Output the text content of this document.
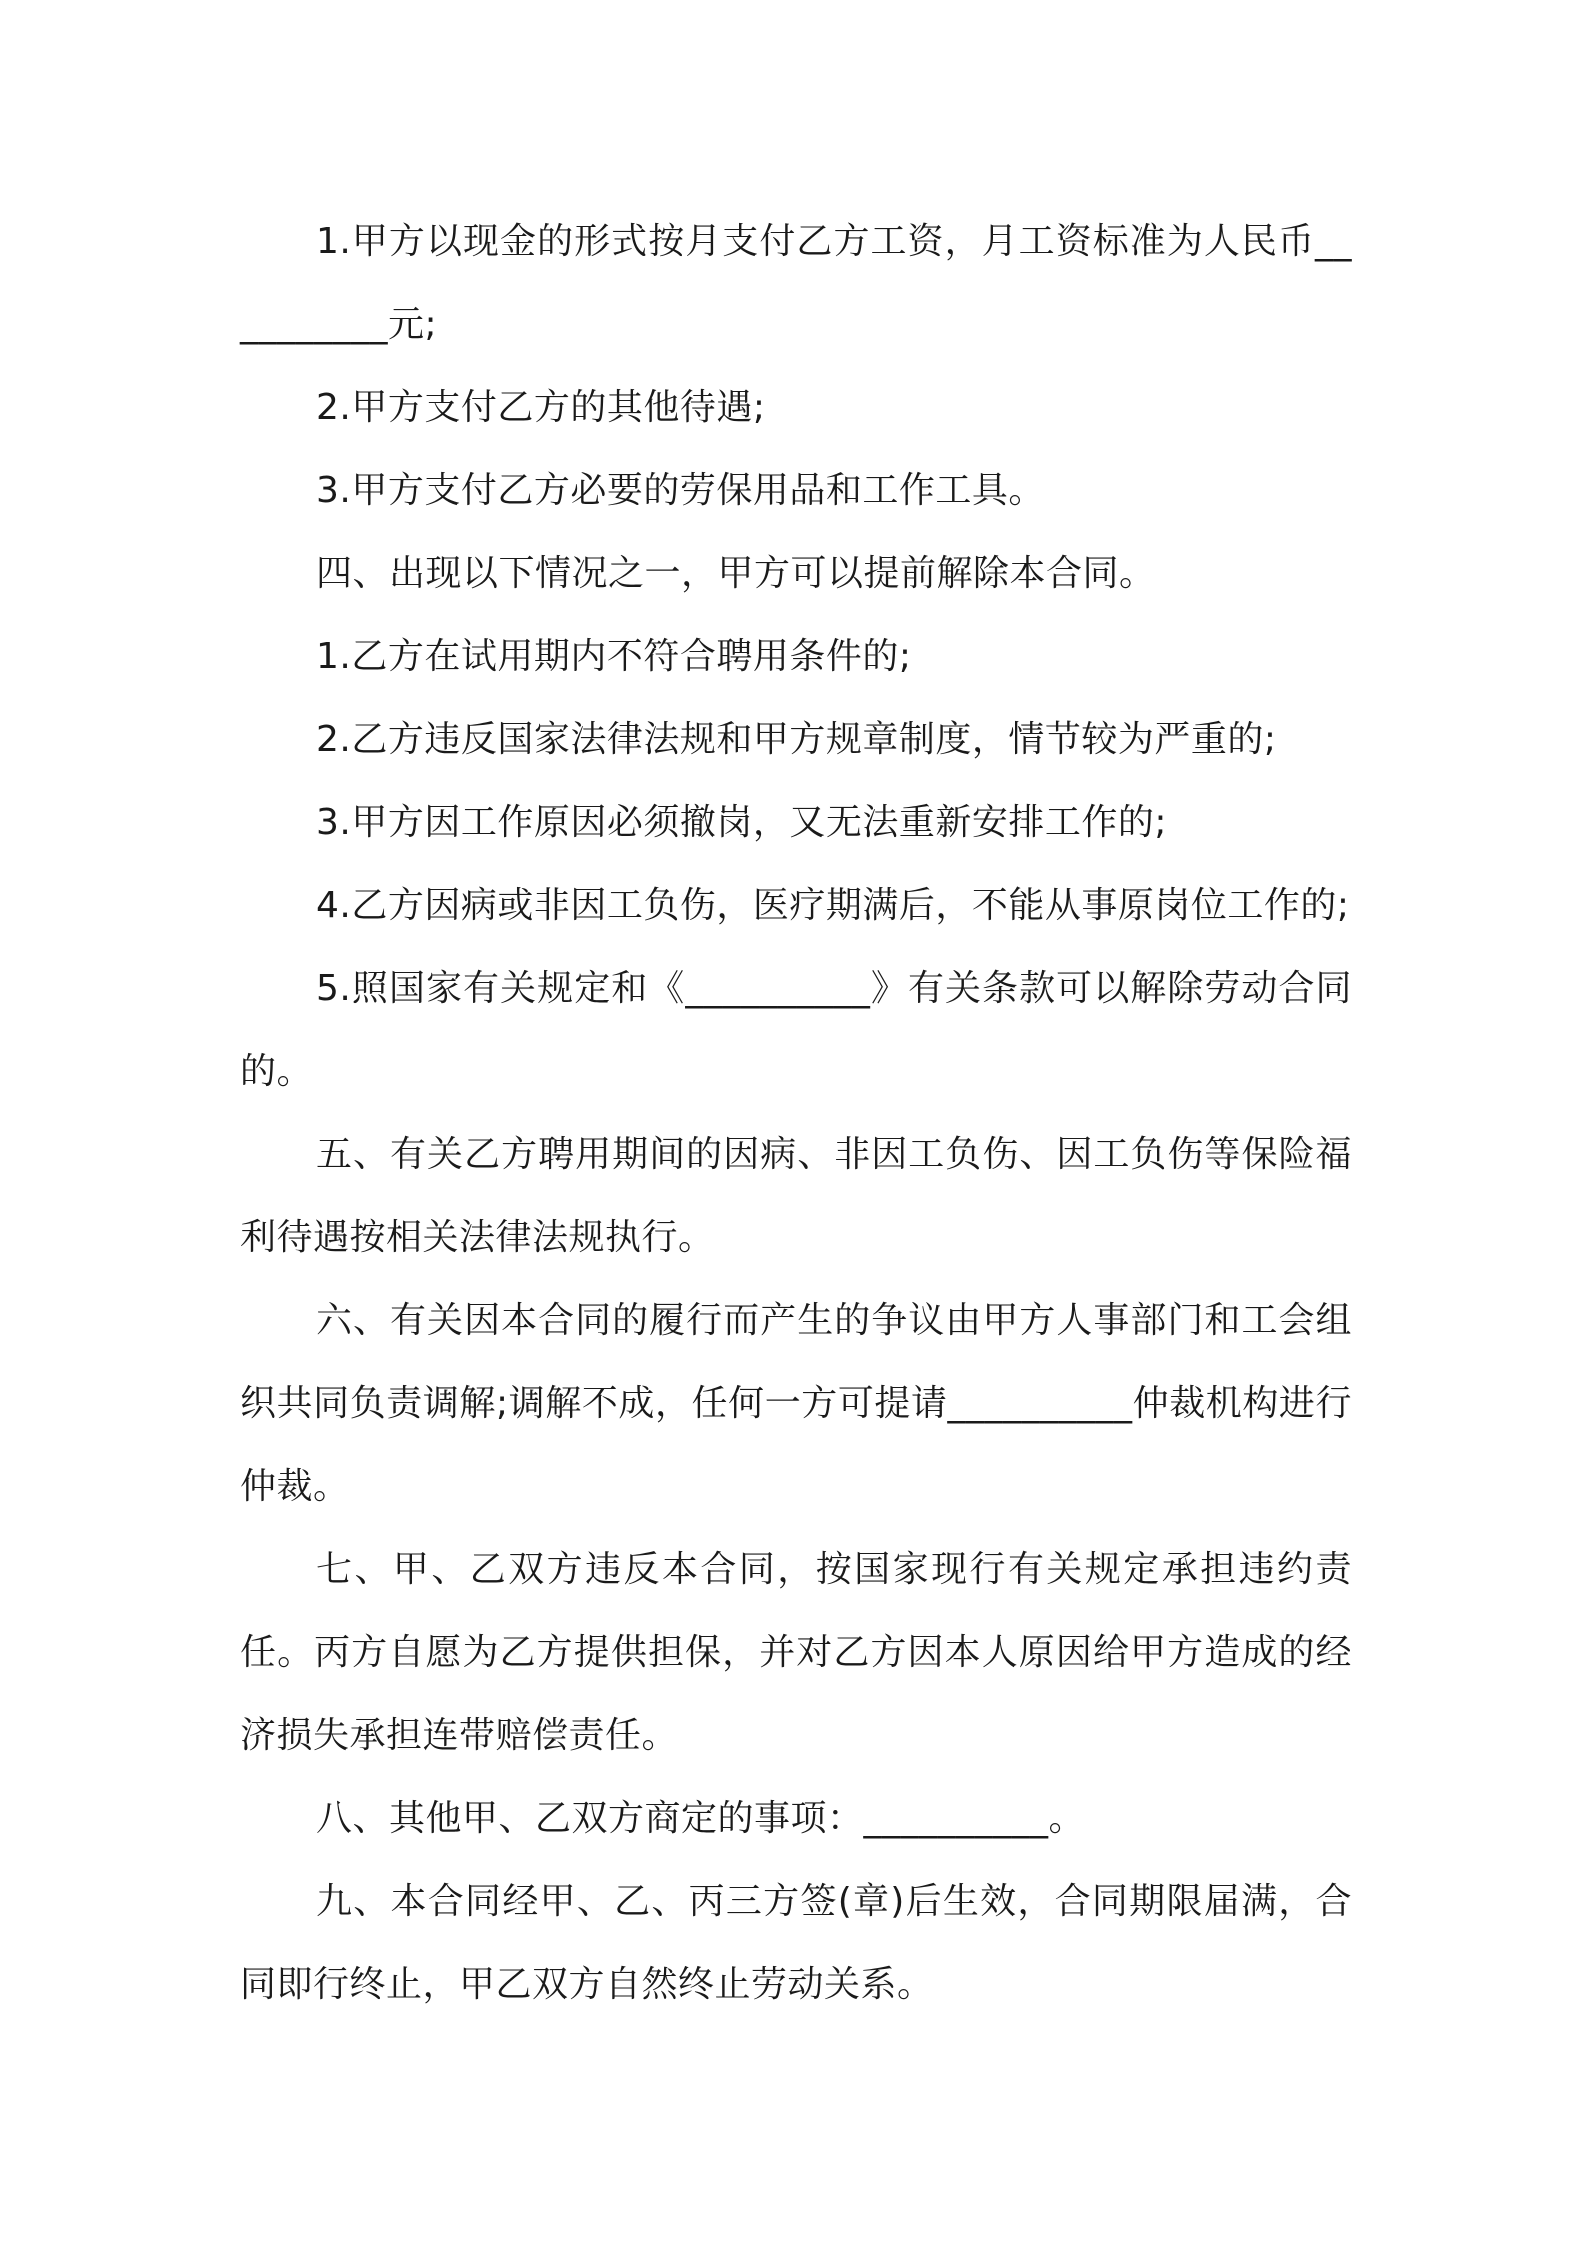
1.甲方以现金的形式按月支付乙方工资，月工资标准为人民币__________元;

2.甲方支付乙方的其他待遇;

3.甲方支付乙方必要的劳保用品和工作工具。

四、出现以下情况之一，甲方可以提前解除本合同。

1.乙方在试用期内不符合聘用条件的;

2.乙方违反国家法律法规和甲方规章制度，情节较为严重的;

3.甲方因工作原因必须撤岗，又无法重新安排工作的;

4.乙方因病或非因工负伤，医疗期满后，不能从事原岗位工作的;

5.照国家有关规定和《__________》有关条款可以解除劳动合同的。

五、有关乙方聘用期间的因病、非因工负伤、因工负伤等保险福利待遇按相关法律法规执行。

六、有关因本合同的履行而产生的争议由甲方人事部门和工会组织共同负责调解;调解不成，任何一方可提请__________仲裁机构进行仲裁。

七、甲、乙双方违反本合同，按国家现行有关规定承担违约责任。丙方自愿为乙方提供担保，并对乙方因本人原因给甲方造成的经济损失承担连带赔偿责任。

八、其他甲、乙双方商定的事项：__________。

九、本合同经甲、乙、丙三方签(章)后生效，合同期限届满，合同即行终止，甲乙双方自然终止劳动关系。
